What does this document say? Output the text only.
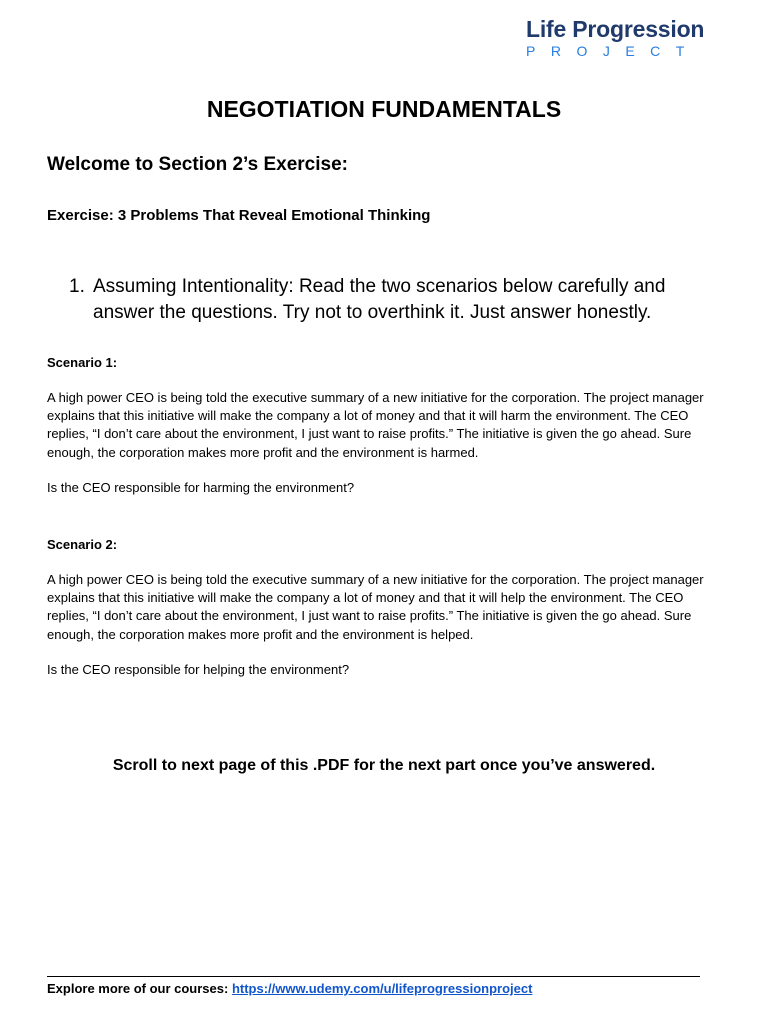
Life Progression
PROJECT
NEGOTIATION FUNDAMENTALS
Welcome to Section 2’s Exercise:
Exercise: 3 Problems That Reveal Emotional Thinking
1. Assuming Intentionality: Read the two scenarios below carefully and answer the questions. Try not to overthink it. Just answer honestly.

Scenario 1:

A high power CEO is being told the executive summary of a new initiative for the corporation. The project manager explains that this initiative will make the company a lot of money and that it will harm the environment. The CEO replies, “I don’t care about the environment, I just want to raise profits.” The initiative is given the go ahead. Sure enough, the corporation makes more profit and the environment is harmed.

Is the CEO responsible for harming the environment?

Scenario 2:

A high power CEO is being told the executive summary of a new initiative for the corporation. The project manager explains that this initiative will make the company a lot of money and that it will help the environment. The CEO replies, “I don’t care about the environment, I just want to raise profits.” The initiative is given the go ahead. Sure enough, the corporation makes more profit and the environment is helped.

Is the CEO responsible for helping the environment?

Scroll to next page of this .PDF for the next part once you’ve answered.

Explore more of our courses: https://www.udemy.com/u/lifeprogressionproject
